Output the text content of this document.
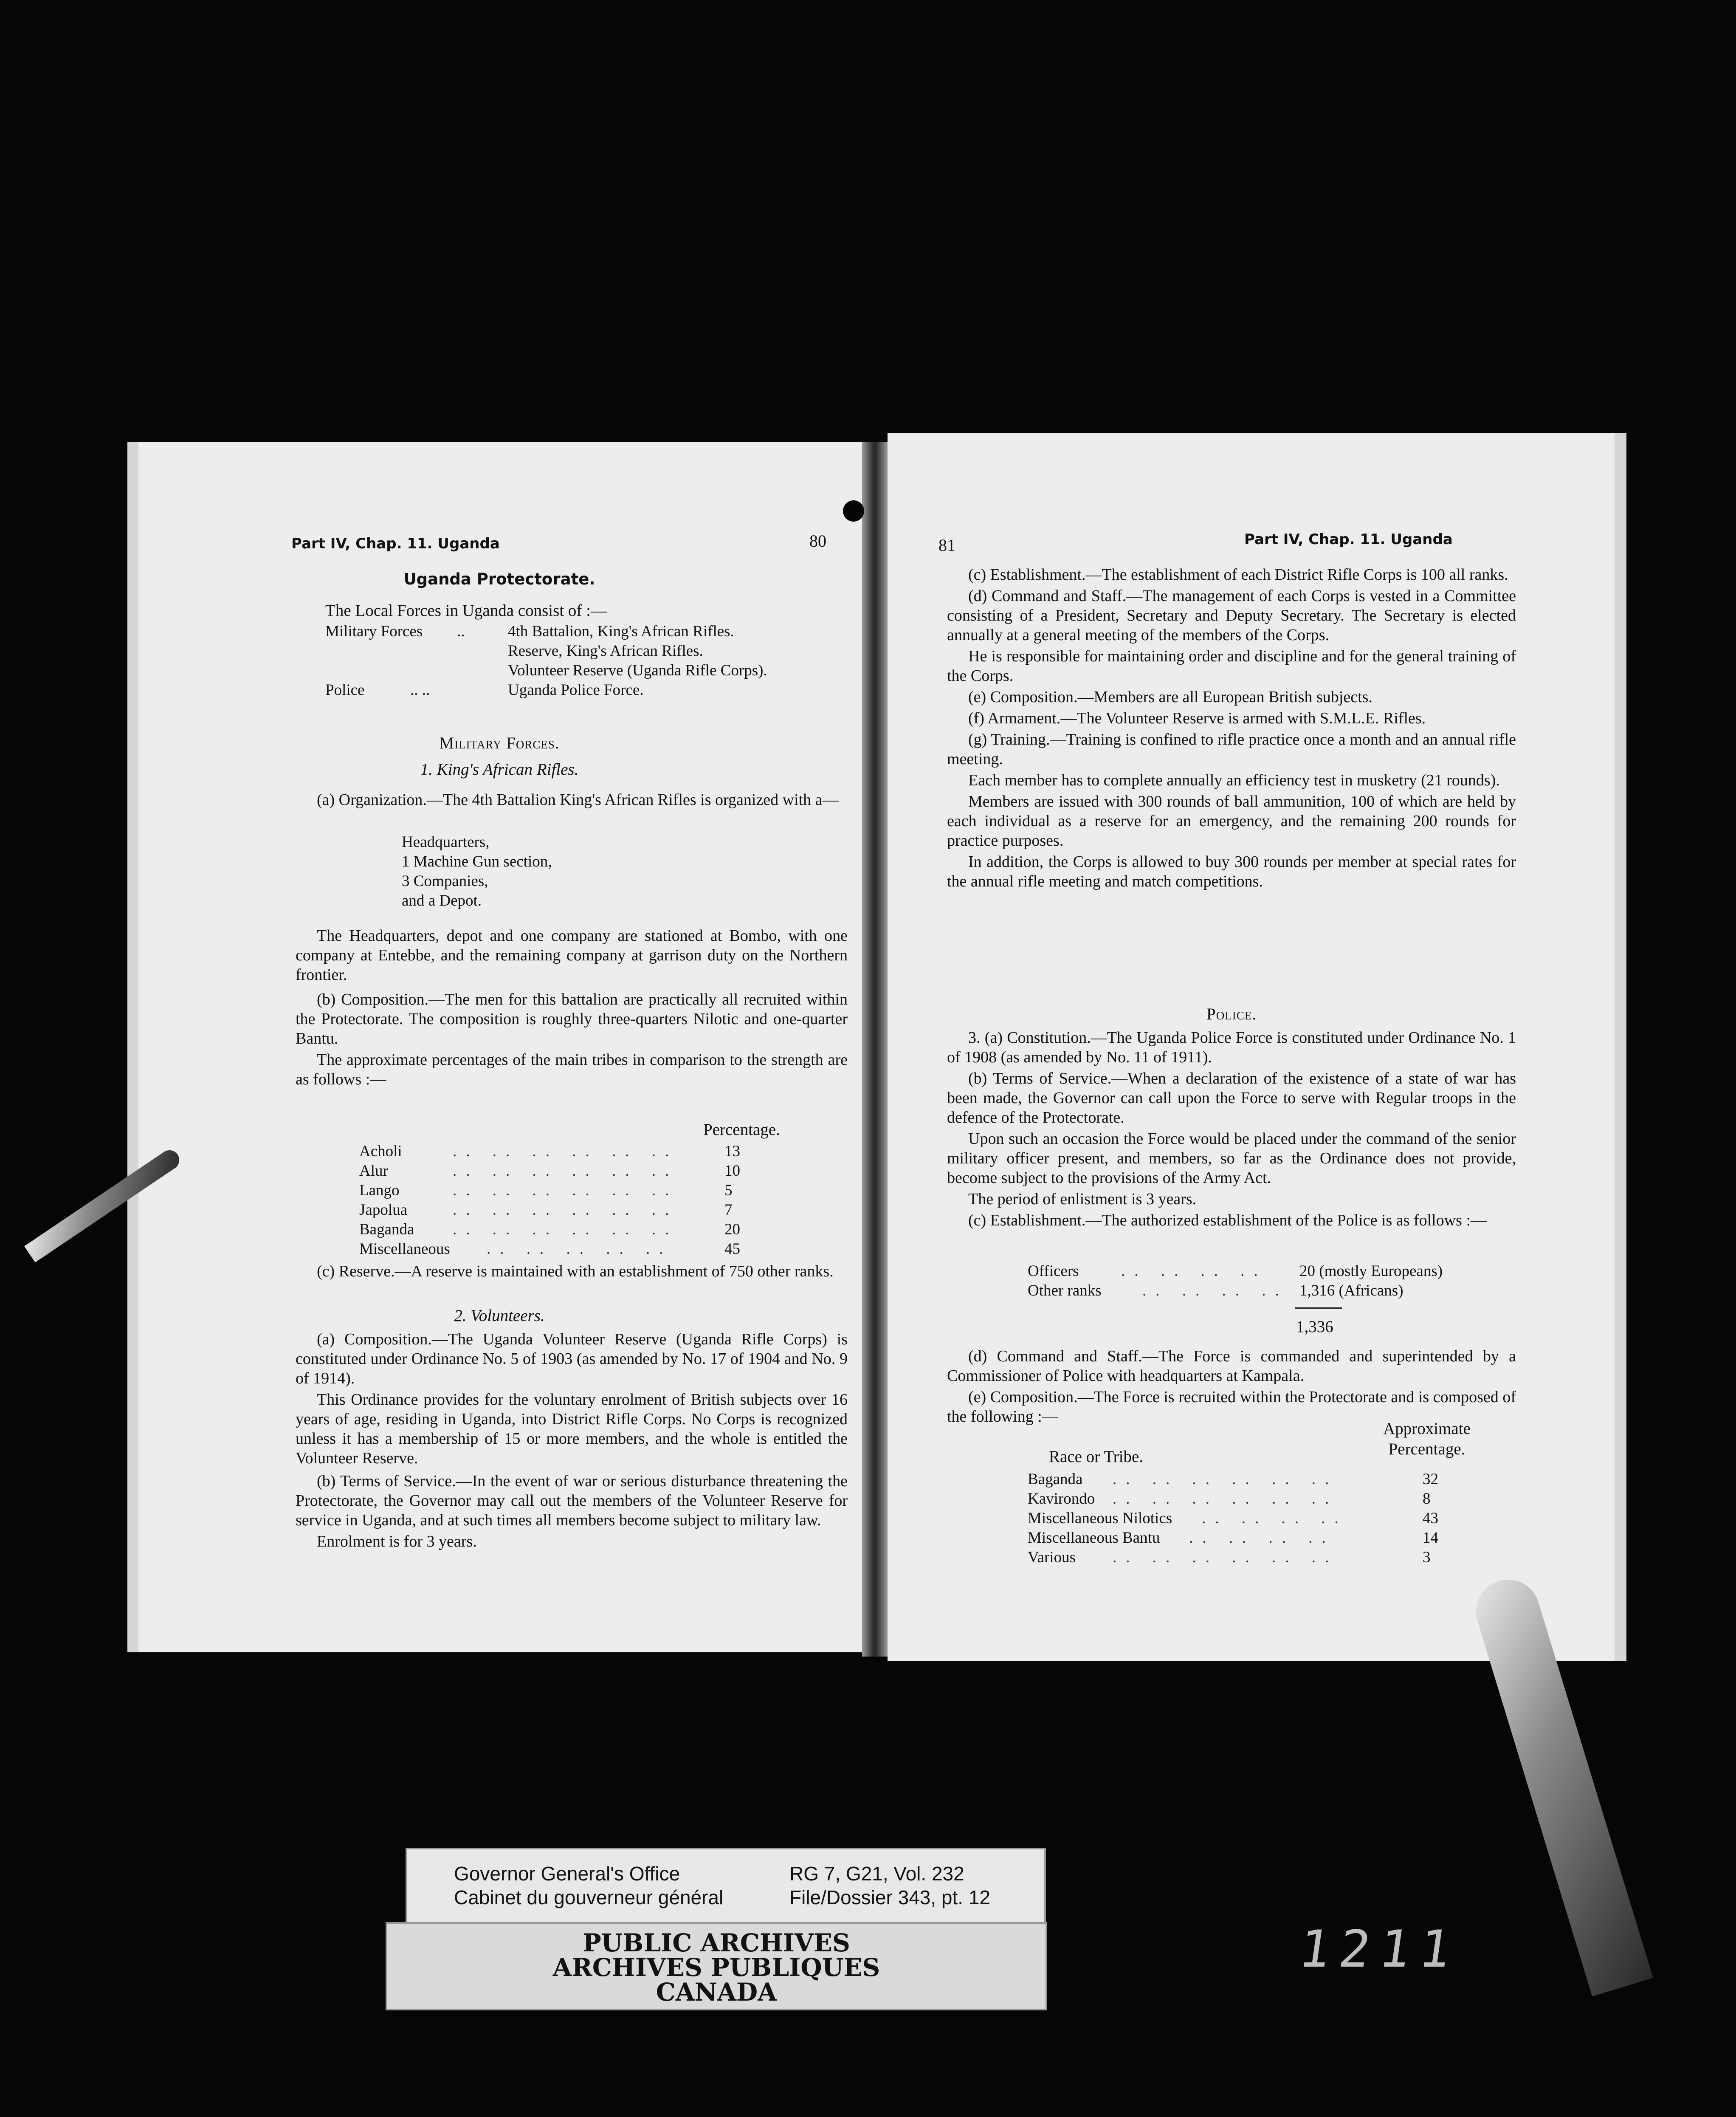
Part IV, Chap. 11. Uganda	80
Uganda Protectorate.
The Local Forces in Uganda consist of :—
Military Forces	..	4th Battalion, King's African Rifles.
Reserve, King's African Rifles.
Volunteer Reserve (Uganda Rifle Corps).
Police	.. ..	Uganda Police Force.
Military Forces.
1. King's African Rifles.

(a) Organization.—The 4th Battalion King's African Rifles is organized with a—

Headquarters,
1 Machine Gun section,
3 Companies,
and a Depot.

The Headquarters, depot and one company are stationed at Bombo, with one company at Entebbe, and the remaining company at garrison duty on the Northern frontier.

(b) Composition.—The men for this battalion are practically all recruited within the Protectorate. The composition is roughly three-quarters Nilotic and one-quarter Bantu.

The approximate percentages of the main tribes in comparison to the strength are as follows :—

Percentage.
Acholi	.. .. .. .. .. ..	13
Alur	.. .. .. .. .. ..	10
Lango	.. .. .. .. .. ..	5
Japolua	.. .. .. .. .. ..	7
Baganda	.. .. .. .. .. ..	20
Miscellaneous	.. .. .. .. ..	45

(c) Reserve.—A reserve is maintained with an establishment of 750 other ranks.

2. Volunteers.

(a) Composition.—The Uganda Volunteer Reserve (Uganda Rifle Corps) is constituted under Ordinance No. 5 of 1903 (as amended by No. 17 of 1904 and No. 9 of 1914).

This Ordinance provides for the voluntary enrolment of British subjects over 16 years of age, residing in Uganda, into District Rifle Corps. No Corps is recognized unless it has a membership of 15 or more members, and the whole is entitled the Volunteer Reserve.

(b) Terms of Service.—In the event of war or serious disturbance threatening the Protectorate, the Governor may call out the members of the Volunteer Reserve for service in Uganda, and at such times all members become subject to military law.

Enrolment is for 3 years.

81	Part IV, Chap. 11. Uganda

(c) Establishment.—The establishment of each District Rifle Corps is 100 all ranks.

(d) Command and Staff.—The management of each Corps is vested in a Committee consisting of a President, Secretary and Deputy Secretary. The Secretary is elected annually at a general meeting of the members of the Corps.

He is responsible for maintaining order and discipline and for the general training of the Corps.

(e) Composition.—Members are all European British subjects.

(f) Armament.—The Volunteer Reserve is armed with S.M.L.E. Rifles.

(g) Training.—Training is confined to rifle practice once a month and an annual rifle meeting.

Each member has to complete annually an efficiency test in musketry (21 rounds).

Members are issued with 300 rounds of ball ammunition, 100 of which are held by each individual as a reserve for an emergency, and the remaining 200 rounds for practice purposes.

In addition, the Corps is allowed to buy 300 rounds per member at special rates for the annual rifle meeting and match competitions.

Police.

3. (a) Constitution.—The Uganda Police Force is constituted under Ordinance No. 1 of 1908 (as amended by No. 11 of 1911).

(b) Terms of Service.—When a declaration of the existence of a state of war has been made, the Governor can call upon the Force to serve with Regular troops in the defence of the Protectorate.

Upon such an occasion the Force would be placed under the command of the senior military officer present, and members, so far as the Ordinance does not provide, become subject to the provisions of the Army Act.

The period of enlistment is 3 years.

(c) Establishment.—The authorized establishment of the Police is as follows :—

Officers	.. .. .. ..	20 (mostly Europeans)
Other ranks	.. .. .. .. 1,316 (Africans)
1,336

(d) Command and Staff.—The Force is commanded and superintended by a Commissioner of Police with headquarters at Kampala.

(e) Composition.—The Force is recruited within the Protectorate and is composed of the following :—

Approximate
Percentage.
Race or Tribe.
Baganda	.. .. .. .. .. ..	32
Kavirondo	.. .. .. .. .. ..	8
Miscellaneous Nilotics	.. .. .. ..	43
Miscellaneous Bantu	.. .. .. ..	14
Various	.. .. .. .. .. ..	3
Governor General's Office
Cabinet du gouverneur général
RG 7, G21, Vol. 232
File/Dossier 343, pt. 12
PUBLIC ARCHIVES
ARCHIVES PUBLIQUES
CANADA
1211
